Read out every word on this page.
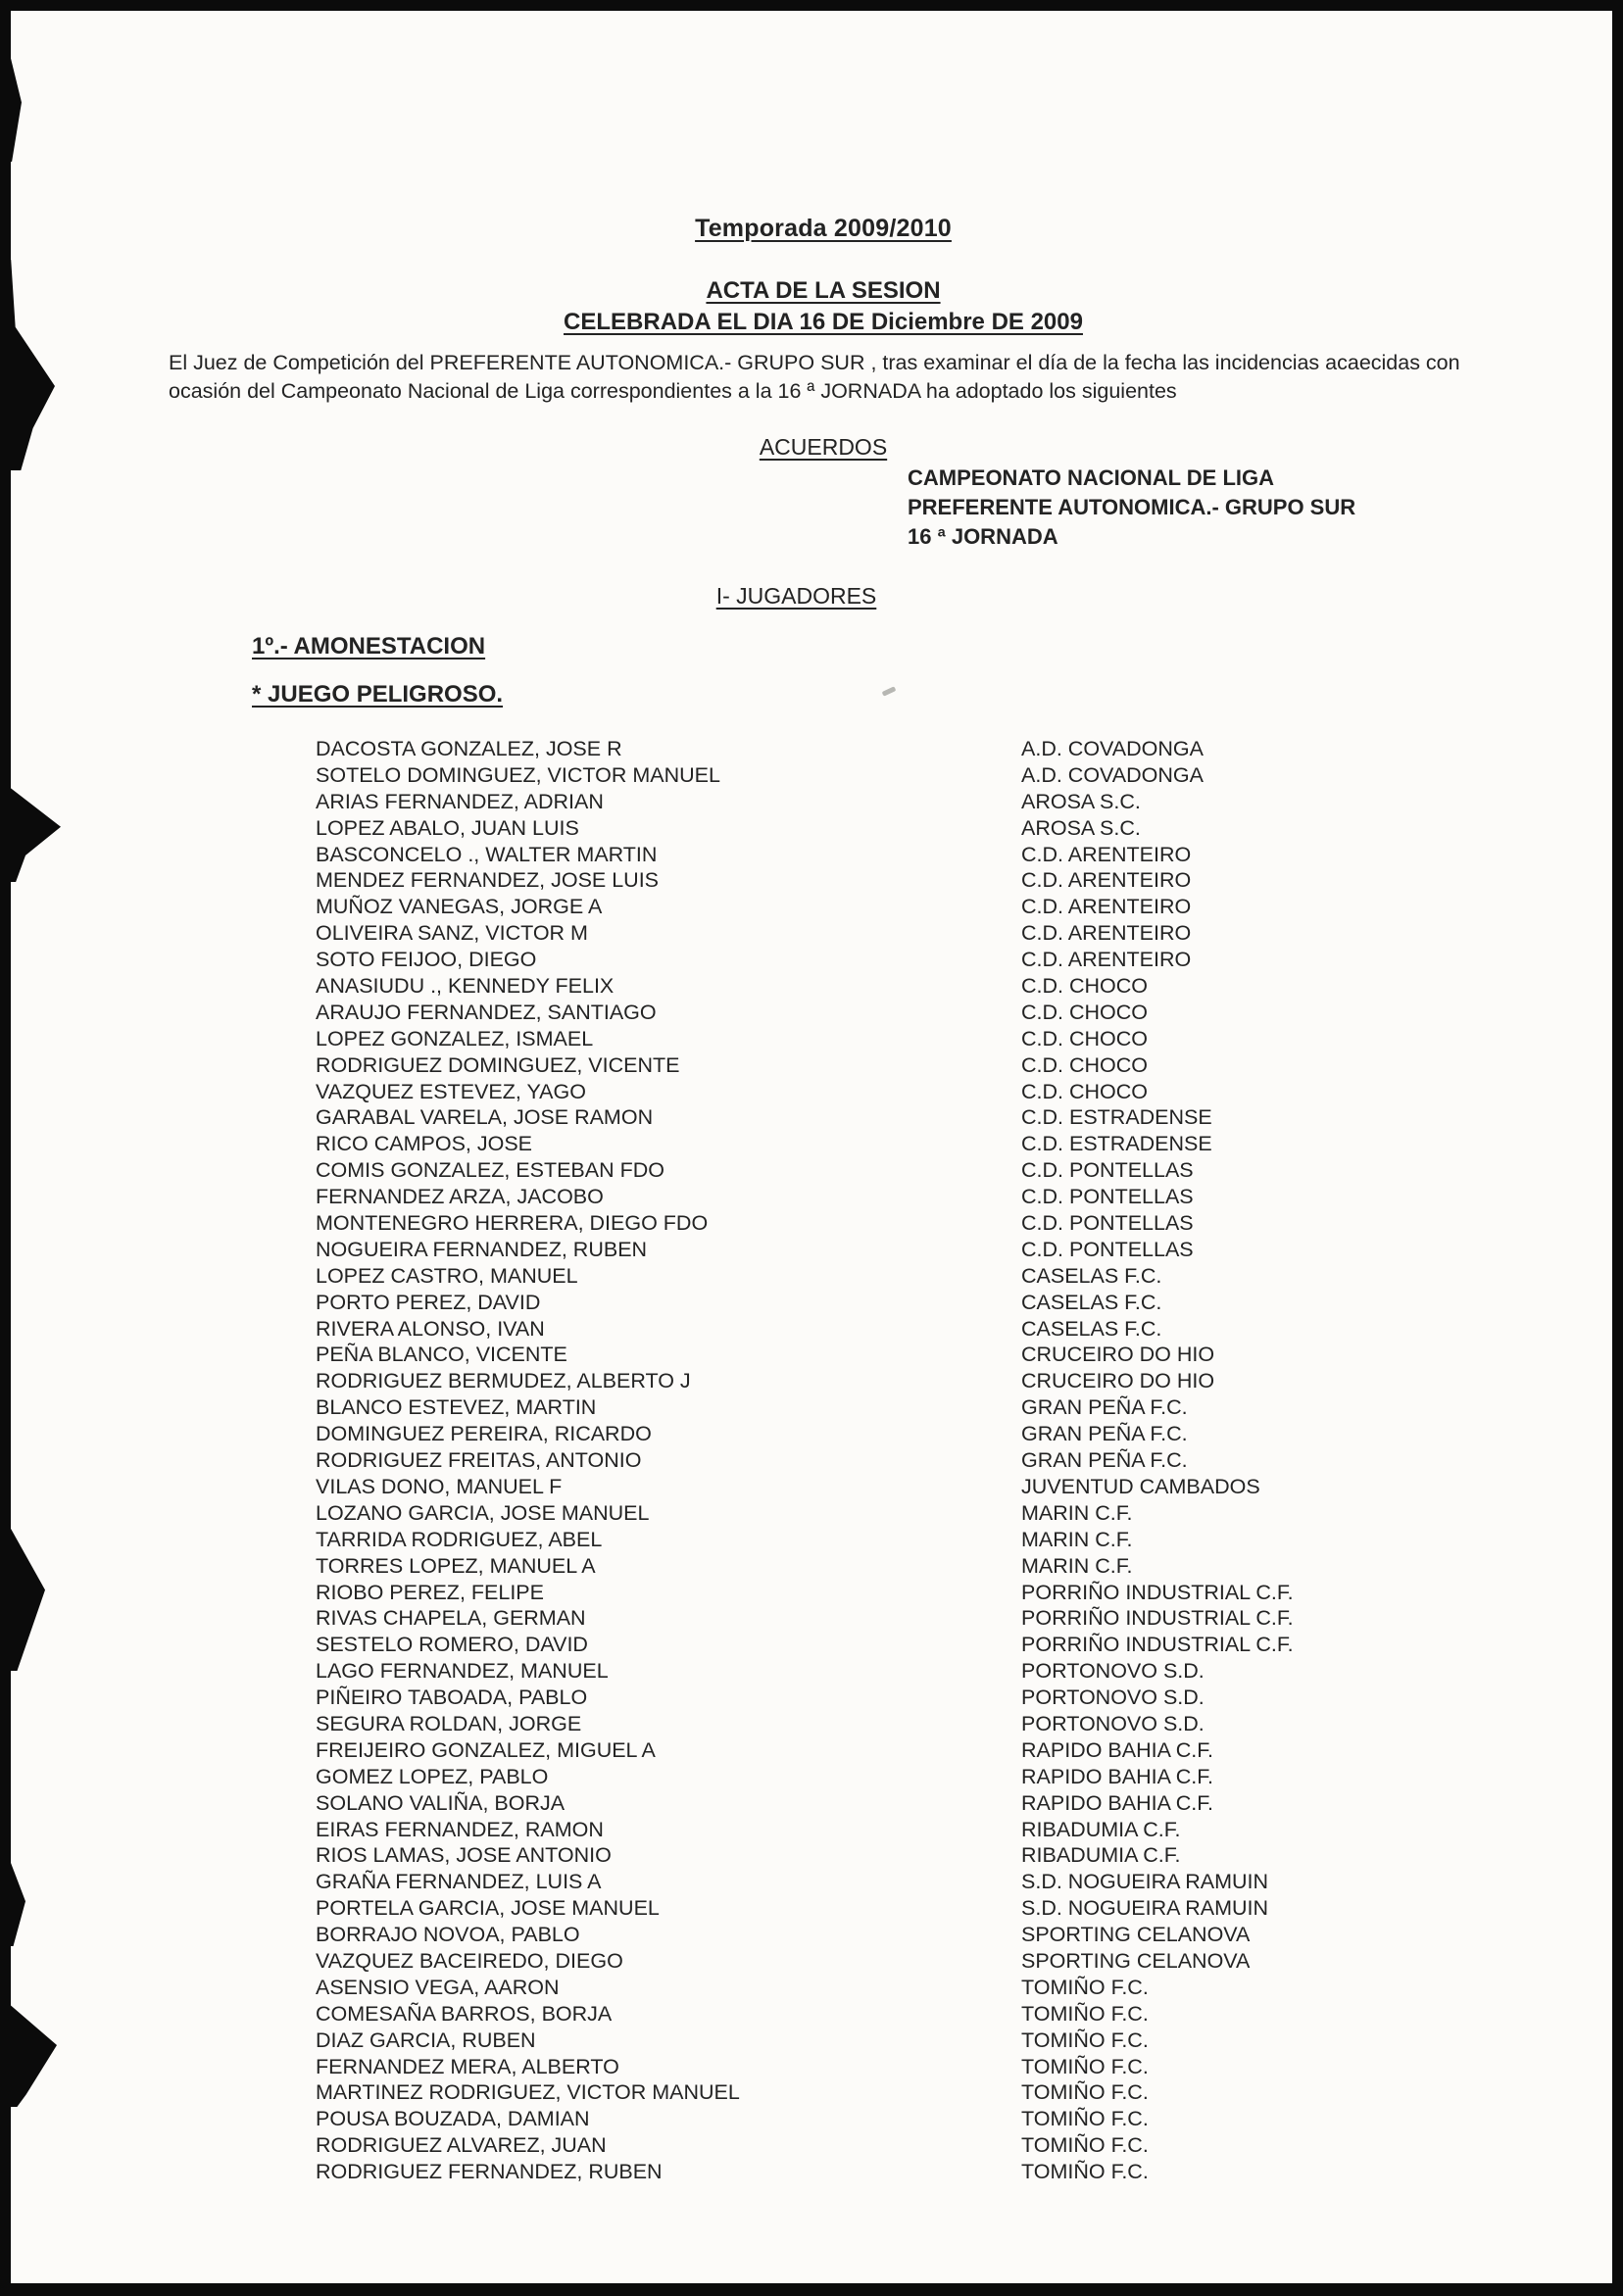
Temporada 2009/2010
ACTA DE LA SESION
CELEBRADA EL DIA 16 DE Diciembre DE 2009
El Juez de Competición del PREFERENTE AUTONOMICA.- GRUPO SUR , tras examinar el día de la fecha las incidencias acaecidas con ocasión del Campeonato Nacional de Liga correspondientes a la 16 ª JORNADA ha adoptado los siguientes
ACUERDOS
CAMPEONATO NACIONAL DE LIGA
PREFERENTE AUTONOMICA.- GRUPO SUR
16 ª JORNADA
I- JUGADORES
1º.- AMONESTACION
* JUEGO PELIGROSO.
DACOSTA GONZALEZ, JOSE R	A.D. COVADONGA
SOTELO DOMINGUEZ, VICTOR MANUEL	A.D. COVADONGA
ARIAS FERNANDEZ, ADRIAN	AROSA S.C.
LOPEZ ABALO, JUAN LUIS	AROSA S.C.
BASCONCELO ., WALTER MARTIN	C.D. ARENTEIRO
MENDEZ FERNANDEZ, JOSE LUIS	C.D. ARENTEIRO
MUÑOZ VANEGAS, JORGE A	C.D. ARENTEIRO
OLIVEIRA SANZ, VICTOR M	C.D. ARENTEIRO
SOTO FEIJOO, DIEGO	C.D. ARENTEIRO
ANASIUDU ., KENNEDY FELIX	C.D. CHOCO
ARAUJO FERNANDEZ, SANTIAGO	C.D. CHOCO
LOPEZ GONZALEZ, ISMAEL	C.D. CHOCO
RODRIGUEZ DOMINGUEZ, VICENTE	C.D. CHOCO
VAZQUEZ ESTEVEZ, YAGO	C.D. CHOCO
GARABAL VARELA, JOSE RAMON	C.D. ESTRADENSE
RICO CAMPOS, JOSE	C.D. ESTRADENSE
COMIS GONZALEZ, ESTEBAN FDO	C.D. PONTELLAS
FERNANDEZ ARZA, JACOBO	C.D. PONTELLAS
MONTENEGRO HERRERA, DIEGO FDO	C.D. PONTELLAS
NOGUEIRA FERNANDEZ, RUBEN	C.D. PONTELLAS
LOPEZ CASTRO, MANUEL	CASELAS F.C.
PORTO PEREZ, DAVID	CASELAS F.C.
RIVERA ALONSO, IVAN	CASELAS F.C.
PEÑA BLANCO, VICENTE	CRUCEIRO DO HIO
RODRIGUEZ BERMUDEZ, ALBERTO J	CRUCEIRO DO HIO
BLANCO ESTEVEZ, MARTIN	GRAN PEÑA F.C.
DOMINGUEZ PEREIRA, RICARDO	GRAN PEÑA F.C.
RODRIGUEZ FREITAS, ANTONIO	GRAN PEÑA F.C.
VILAS DONO, MANUEL F	JUVENTUD CAMBADOS
LOZANO GARCIA, JOSE MANUEL	MARIN C.F.
TARRIDA RODRIGUEZ, ABEL	MARIN C.F.
TORRES LOPEZ, MANUEL A	MARIN C.F.
RIOBO PEREZ, FELIPE	PORRIÑO INDUSTRIAL C.F.
RIVAS CHAPELA, GERMAN	PORRIÑO INDUSTRIAL C.F.
SESTELO ROMERO, DAVID	PORRIÑO INDUSTRIAL C.F.
LAGO FERNANDEZ, MANUEL	PORTONOVO S.D.
PIÑEIRO TABOADA, PABLO	PORTONOVO S.D.
SEGURA ROLDAN, JORGE	PORTONOVO S.D.
FREIJEIRO GONZALEZ, MIGUEL A	RAPIDO BAHIA C.F.
GOMEZ LOPEZ, PABLO	RAPIDO BAHIA C.F.
SOLANO VALIÑA, BORJA	RAPIDO BAHIA C.F.
EIRAS FERNANDEZ, RAMON	RIBADUMIA C.F.
RIOS LAMAS, JOSE ANTONIO	RIBADUMIA C.F.
GRAÑA FERNANDEZ, LUIS A	S.D. NOGUEIRA RAMUIN
PORTELA GARCIA, JOSE MANUEL	S.D. NOGUEIRA RAMUIN
BORRAJO NOVOA, PABLO	SPORTING CELANOVA
VAZQUEZ BACEIREDO, DIEGO	SPORTING CELANOVA
ASENSIO VEGA, AARON	TOMIÑO F.C.
COMESAÑA BARROS, BORJA	TOMIÑO F.C.
DIAZ GARCIA, RUBEN	TOMIÑO F.C.
FERNANDEZ MERA, ALBERTO	TOMIÑO F.C.
MARTINEZ RODRIGUEZ, VICTOR MANUEL	TOMIÑO F.C.
POUSA BOUZADA, DAMIAN	TOMIÑO F.C.
RODRIGUEZ ALVAREZ, JUAN	TOMIÑO F.C.
RODRIGUEZ FERNANDEZ, RUBEN	TOMIÑO F.C.
